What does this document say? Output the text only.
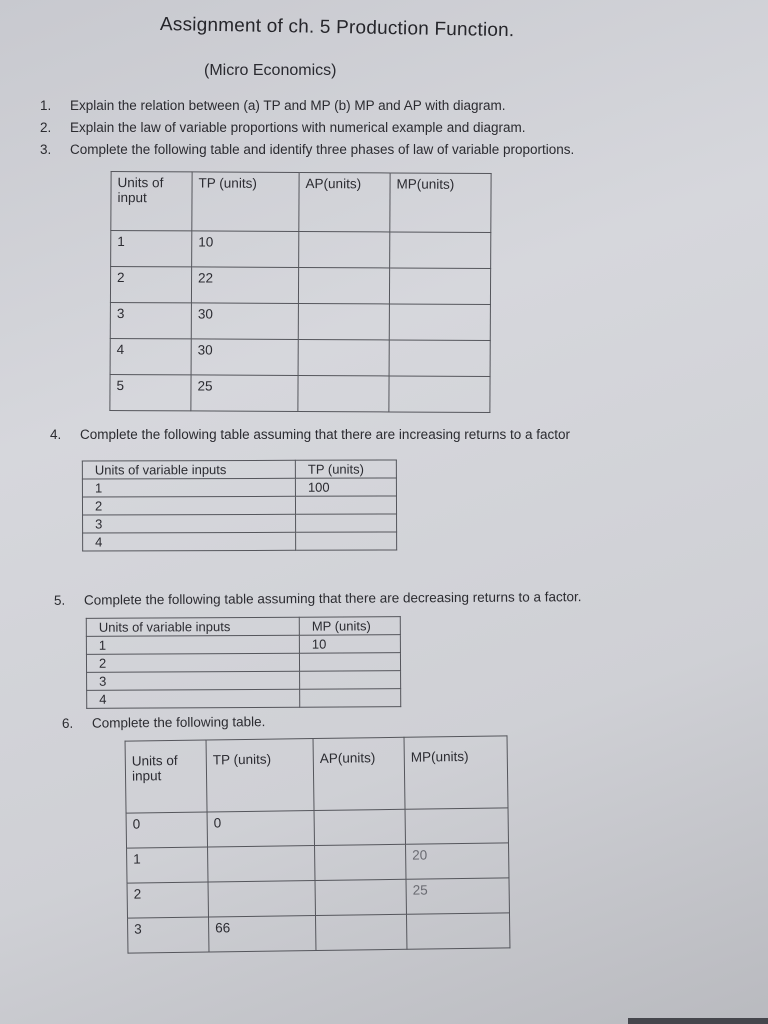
Assignment of ch. 5 Production Function.
(Micro Economics)
1. Explain the relation between (a) TP and MP (b) MP and AP with diagram.
2. Explain the law of variable proportions with numerical example and diagram.
3. Complete the following table and identify three phases of law of variable proportions.
Units of input	TP (units)	AP(units)	MP(units)
1	10		
2	22		
3	30		
4	30		
5	25		
4. Complete the following table assuming that there are increasing returns to a factor
Units of variable inputs	TP (units)
1	100
2	
3	
4	
5. Complete the following table assuming that there are decreasing returns to a factor.
Units of variable inputs	MP (units)
1	10
2	
3	
4	
6. Complete the following table.
Units of input	TP (units)	AP(units)	MP(units)
0	0		
1			20
2			25
3	66		
